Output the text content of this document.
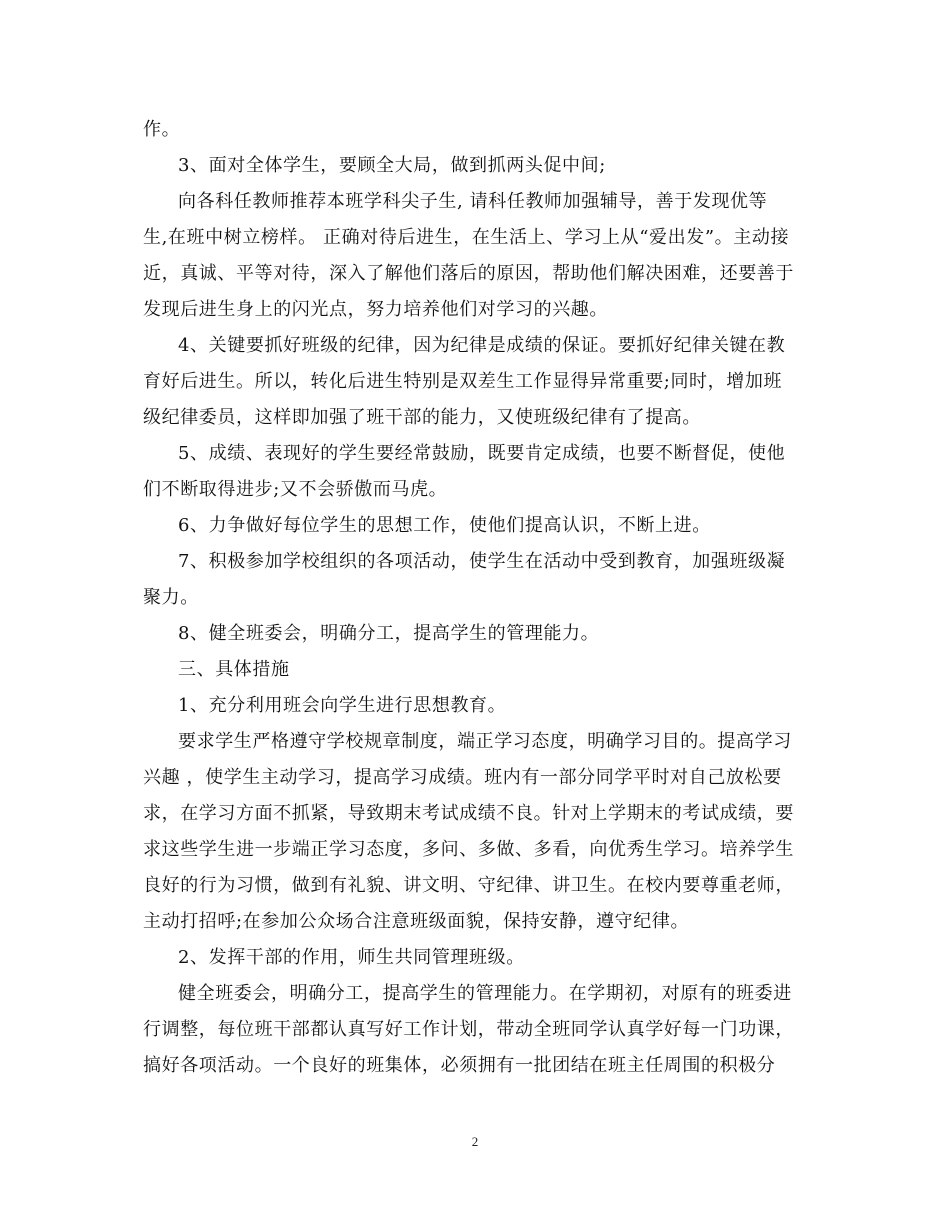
作。
3、面对全体学生，要顾全大局，做到抓两头促中间;
向各科任教师推荐本班学科尖子生, 请科任教师加强辅导，善于发现优等
生,在班中树立榜样。 正确对待后进生，在生活上、学习上从“爱出发”。主动接
近，真诚、平等对待，深入了解他们落后的原因，帮助他们解决困难，还要善于
发现后进生身上的闪光点，努力培养他们对学习的兴趣。
4、关键要抓好班级的纪律，因为纪律是成绩的保证。要抓好纪律关键在教
育好后进生。所以，转化后进生特别是双差生工作显得异常重要;同时，增加班
级纪律委员，这样即加强了班干部的能力，又使班级纪律有了提高。
5、成绩、表现好的学生要经常鼓励，既要肯定成绩，也要不断督促，使他
们不断取得进步;又不会骄傲而马虎。
6、力争做好每位学生的思想工作，使他们提高认识，不断上进。
7、积极参加学校组织的各项活动，使学生在活动中受到教育，加强班级凝
聚力。
8、健全班委会，明确分工，提高学生的管理能力。
三、具体措施
1、充分利用班会向学生进行思想教育。
要求学生严格遵守学校规章制度，端正学习态度，明确学习目的。提高学习
兴趣 ，使学生主动学习，提高学习成绩。班内有一部分同学平时对自己放松要
求，在学习方面不抓紧，导致期末考试成绩不良。针对上学期末的考试成绩，要
求这些学生进一步端正学习态度，多问、多做、多看，向优秀生学习。培养学生
良好的行为习惯，做到有礼貌、讲文明、守纪律、讲卫生。在校内要尊重老师，
主动打招呼;在参加公众场合注意班级面貌，保持安静，遵守纪律。
2、发挥干部的作用，师生共同管理班级。
健全班委会，明确分工，提高学生的管理能力。在学期初，对原有的班委进
行调整，每位班干部都认真写好工作计划，带动全班同学认真学好每一门功课，
搞好各项活动。一个良好的班集体，必须拥有一批团结在班主任周围的积极分
2
